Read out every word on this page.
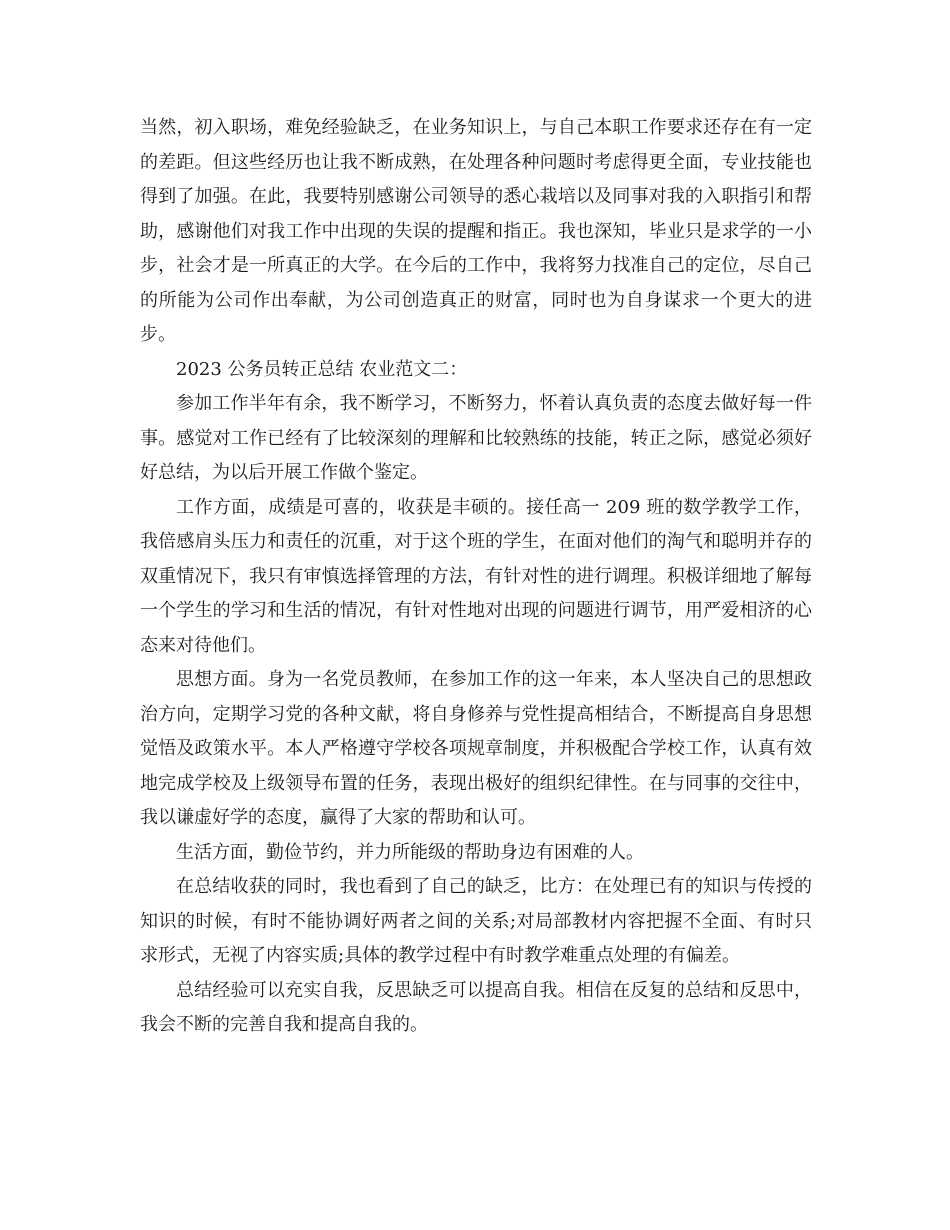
当然，初入职场，难免经验缺乏，在业务知识上，与自己本职工作要求还存在有一定的差距。但这些经历也让我不断成熟，在处理各种问题时考虑得更全面，专业技能也得到了加强。在此，我要特别感谢公司领导的悉心栽培以及同事对我的入职指引和帮助，感谢他们对我工作中出现的失误的提醒和指正。我也深知，毕业只是求学的一小步，社会才是一所真正的大学。在今后的工作中，我将努力找准自己的定位，尽自己的所能为公司作出奉献，为公司创造真正的财富，同时也为自身谋求一个更大的进步。

2023 公务员转正总结 农业范文二：

参加工作半年有余，我不断学习，不断努力，怀着认真负责的态度去做好每一件事。感觉对工作已经有了比较深刻的理解和比较熟练的技能，转正之际，感觉必须好好总结，为以后开展工作做个鉴定。

工作方面，成绩是可喜的，收获是丰硕的。接任高一 209 班的数学教学工作，我倍感肩头压力和责任的沉重，对于这个班的学生，在面对他们的淘气和聪明并存的双重情况下，我只有审慎选择管理的方法，有针对性的进行调理。积极详细地了解每一个学生的学习和生活的情况，有针对性地对出现的问题进行调节，用严爱相济的心态来对待他们。

思想方面。身为一名党员教师，在参加工作的这一年来，本人坚决自己的思想政治方向，定期学习党的各种文献，将自身修养与党性提高相结合，不断提高自身思想觉悟及政策水平。本人严格遵守学校各项规章制度，并积极配合学校工作，认真有效地完成学校及上级领导布置的任务，表现出极好的组织纪律性。在与同事的交往中，我以谦虚好学的态度，赢得了大家的帮助和认可。

生活方面，勤俭节约，并力所能级的帮助身边有困难的人。

在总结收获的同时，我也看到了自己的缺乏，比方：在处理已有的知识与传授的知识的时候，有时不能协调好两者之间的关系;对局部教材内容把握不全面、有时只求形式，无视了内容实质;具体的教学过程中有时教学难重点处理的有偏差。

总结经验可以充实自我，反思缺乏可以提高自我。相信在反复的总结和反思中，我会不断的完善自我和提高自我的。
